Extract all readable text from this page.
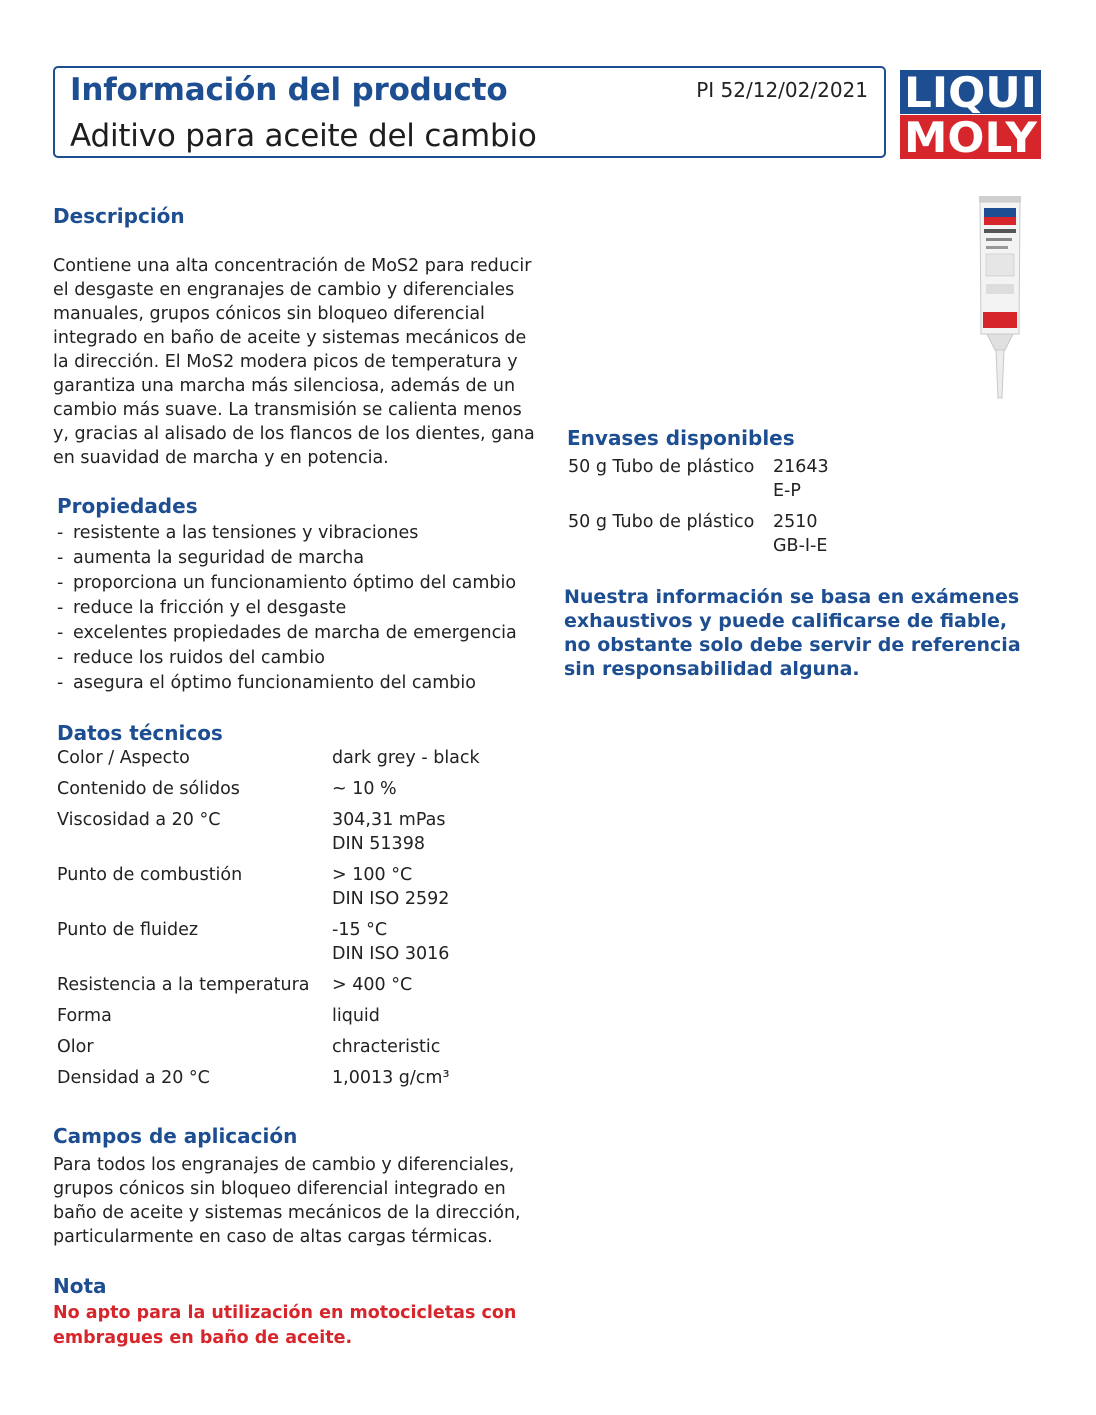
Información del producto
Aditivo para aceite del cambio
PI 52/12/02/2021 LIQUI
MOLY
Descripción

Contiene una alta concentración de MoS2 para reducir el desgaste en engranajes de cambio y diferenciales manuales, grupos cónicos sin bloqueo diferencial integrado en baño de aceite y sistemas mecánicos de la dirección. El MoS2 modera picos de temperatura y garantiza una marcha más silenciosa, además de un cambio más suave. La transmisión se calienta menos y, gracias al alisado de los flancos de los dientes, gana en suavidad de marcha y en potencia.

Propiedades
- resistente a las tensiones y vibraciones
- aumenta la seguridad de marcha
- proporciona un funcionamiento óptimo del cambio
- reduce la fricción y el desgaste
- excelentes propiedades de marcha de emergencia
- reduce los ruidos del cambio
- asegura el óptimo funcionamiento del cambio
Datos técnicos
Color / Aspecto	dark grey - black

Contenido de sólidos	~ 10 %

Viscosidad a 20 °C	304,31 mPas
DIN 51398

Punto de combustión	> 100 °C
DIN ISO 2592

Punto de fluidez	-15 °C
DIN ISO 3016

Resistencia a la temperatura	> 400 °C

Forma	liquid

Olor	chracteristic

Densidad a 20 °C	1,0013 g/cm³
Campos de aplicación

Para todos los engranajes de cambio y diferenciales, grupos cónicos sin bloqueo diferencial integrado en baño de aceite y sistemas mecánicos de la dirección, particularmente en caso de altas cargas térmicas.

Nota

No apto para la utilización en motocicletas con embragues en baño de aceite.

Envases disponibles
50 g Tubo de plástico 21643
E-P
50 g Tubo de plástico 2510
GB-I-E

Nuestra información se basa en exámenes exhaustivos y puede calificarse de fiable, no obstante solo debe servir de referencia sin responsabilidad alguna.
